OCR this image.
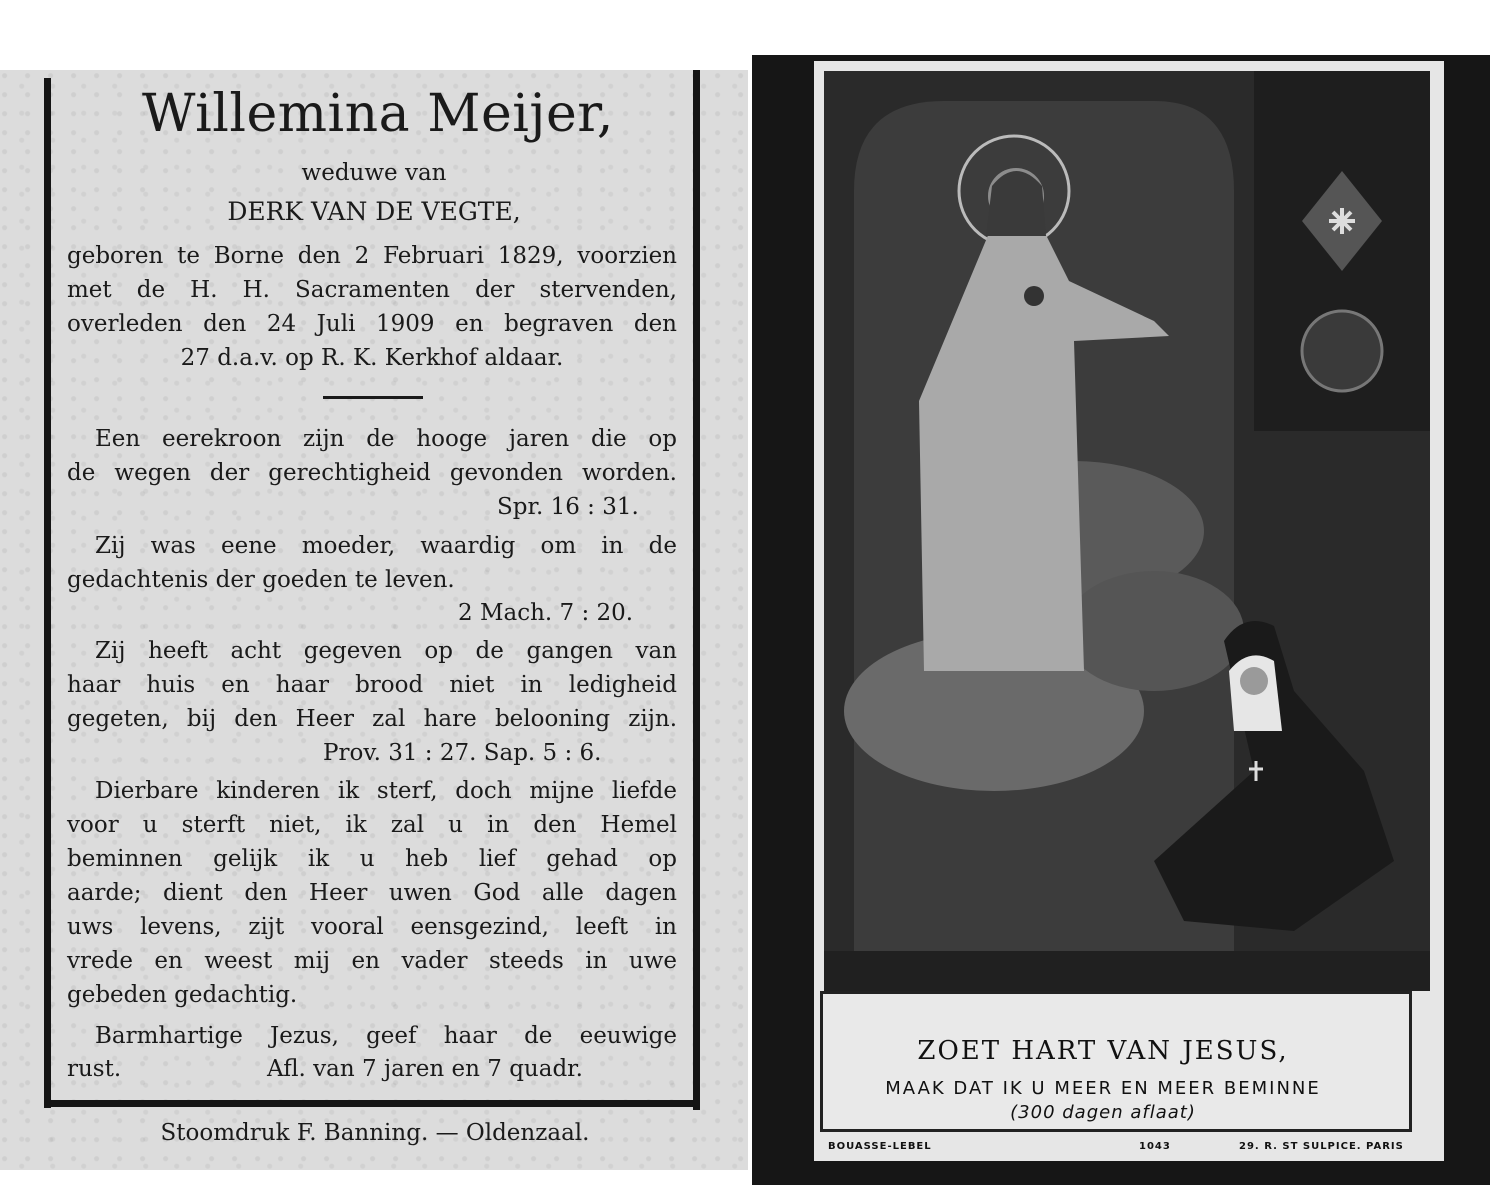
Willemina Meijer,
weduwe van
DERK VAN DE VEGTE,
geboren te Borne den 2 Februari 1829, voorzien
met de H. H. Sacramenten der stervenden,
overleden den 24 Juli 1909 en begraven den
27 d.a.v. op R. K. Kerkhof aldaar.
Een eerekroon zijn de hooge jaren die op
de wegen der gerechtigheid gevonden worden.
Spr. 16 : 31.
Zij was eene moeder, waardig om in de
gedachtenis der goeden te leven.
2 Mach. 7 : 20.
Zij heeft acht gegeven op de gangen van
haar huis en haar brood niet in ledigheid
gegeten, bij den Heer zal hare belooning zijn.
Prov. 31 : 27. Sap. 5 : 6.
Dierbare kinderen ik sterf, doch mijne liefde
voor u sterft niet, ik zal u in den Hemel
beminnen gelijk ik u heb lief gehad op
aarde; dient den Heer uwen God alle dagen
uws levens, zijt vooral eensgezind, leeft in
vrede en weest mij en vader steeds in uwe
gebeden gedachtig.
Barmhartige Jezus, geef haar de eeuwige
rust.	Afl. van 7 jaren en 7 quadr.
Stoomdruk F. Banning. — Oldenzaal.
ZOET HART VAN JESUS,
MAAK DAT IK U MEER EN MEER BEMINNE
(300 dagen aflaat)
BOUASSE-LEBEL	1043	29. R. ST SULPICE. PARIS
